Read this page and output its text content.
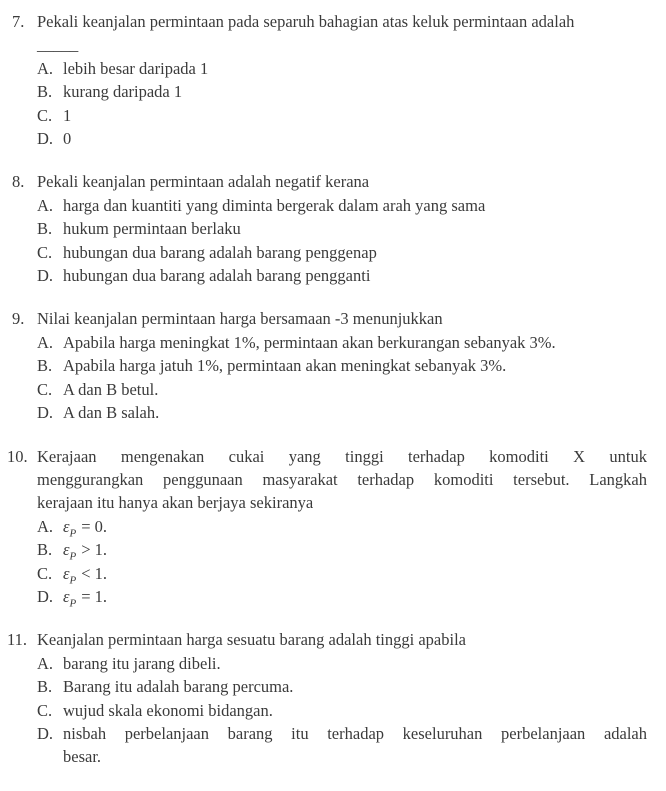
7. Pekali keanjalan permintaan pada separuh bahagian atas keluk permintaan adalah
_____
A. lebih besar daripada 1
B. kurang daripada 1
C. 1
D. 0
8. Pekali keanjalan permintaan adalah negatif kerana
A. harga dan kuantiti yang diminta bergerak dalam arah yang sama
B. hukum permintaan berlaku
C. hubungan dua barang adalah barang penggenap
D. hubungan dua barang adalah barang pengganti
9. Nilai keanjalan permintaan harga bersamaan -3 menunjukkan
A. Apabila harga meningkat 1%, permintaan akan berkurangan sebanyak 3%.
B. Apabila harga jatuh 1%, permintaan akan meningkat sebanyak 3%.
C. A dan B betul.
D. A dan B salah.
10. Kerajaan mengenakan cukai yang tinggi terhadap komoditi X untuk
menggurangkan penggunaan masyarakat terhadap komoditi tersebut. Langkah
kerajaan itu hanya akan berjaya sekiranya
A. $\varepsilon_P = 0$.
B. $\varepsilon_P > 1$.
C. $\varepsilon_P < 1$.
D. $\varepsilon_P = 1$.
11. Keanjalan permintaan harga sesuatu barang adalah tinggi apabila
A. barang itu jarang dibeli.
B. Barang itu adalah barang percuma.
C. wujud skala ekonomi bidangan.
D. nisbah perbelanjaan barang itu terhadap keseluruhan perbelanjaan adalah
besar.
